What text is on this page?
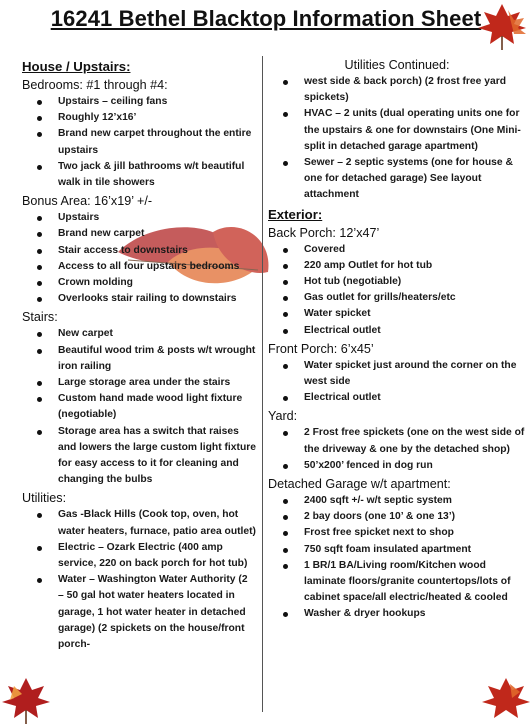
16241 Bethel Blacktop Information Sheet
House / Upstairs:
Bedrooms: #1 through #4:
Upstairs – ceiling fans
Roughly 12’x16’
Brand new carpet throughout the entire upstairs
Two jack & jill bathrooms w/t beautiful walk in tile showers
Bonus Area: 16’x19’ +/-
Upstairs
Brand new carpet
Stair access to downstairs
Access to all four upstairs bedrooms
Crown molding
Overlooks stair railing to downstairs
Stairs:
New carpet
Beautiful wood trim & posts w/t wrought iron railing
Large storage area under the stairs
Custom hand made wood light fixture (negotiable)
Storage area has a switch that raises and lowers the large custom light fixture for easy access to it for cleaning and changing the bulbs
Utilities:
Gas -Black Hills (Cook top, oven, hot water heaters, furnace, patio area outlet)
Electric – Ozark Electric (400 amp service, 220 on back porch for hot tub)
Water – Washington Water Authority (2 – 50 gal hot water heaters located in garage, 1 hot water heater in detached garage) (2 spickets on the house/front porch-
Utilities Continued:
west side & back porch) (2 frost free yard spickets)
HVAC – 2 units (dual operating units one for the upstairs & one for downstairs (One Mini-split in detached garage apartment)
Sewer – 2 septic systems (one for house & one for detached garage) See layout attachment
Exterior:
Back Porch: 12’x47’
Covered
220 amp Outlet for hot tub
Hot tub (negotiable)
Gas outlet for grills/heaters/etc
Water spicket
Electrical outlet
Front Porch: 6’x45’
Water spicket just around the corner on the west side
Electrical outlet
Yard:
2 Frost free spickets (one on the west side of the driveway & one by the detached shop)
50’x200’ fenced in dog run
Detached Garage w/t apartment:
2400 sqft +/- w/t septic system
2 bay doors (one 10’ & one 13’)
Frost free spicket next to shop
750 sqft foam insulated apartment
1 BR/1 BA/Living room/Kitchen wood laminate floors/granite countertops/lots of cabinet space/all electric/heated & cooled
Washer & dryer hookups
